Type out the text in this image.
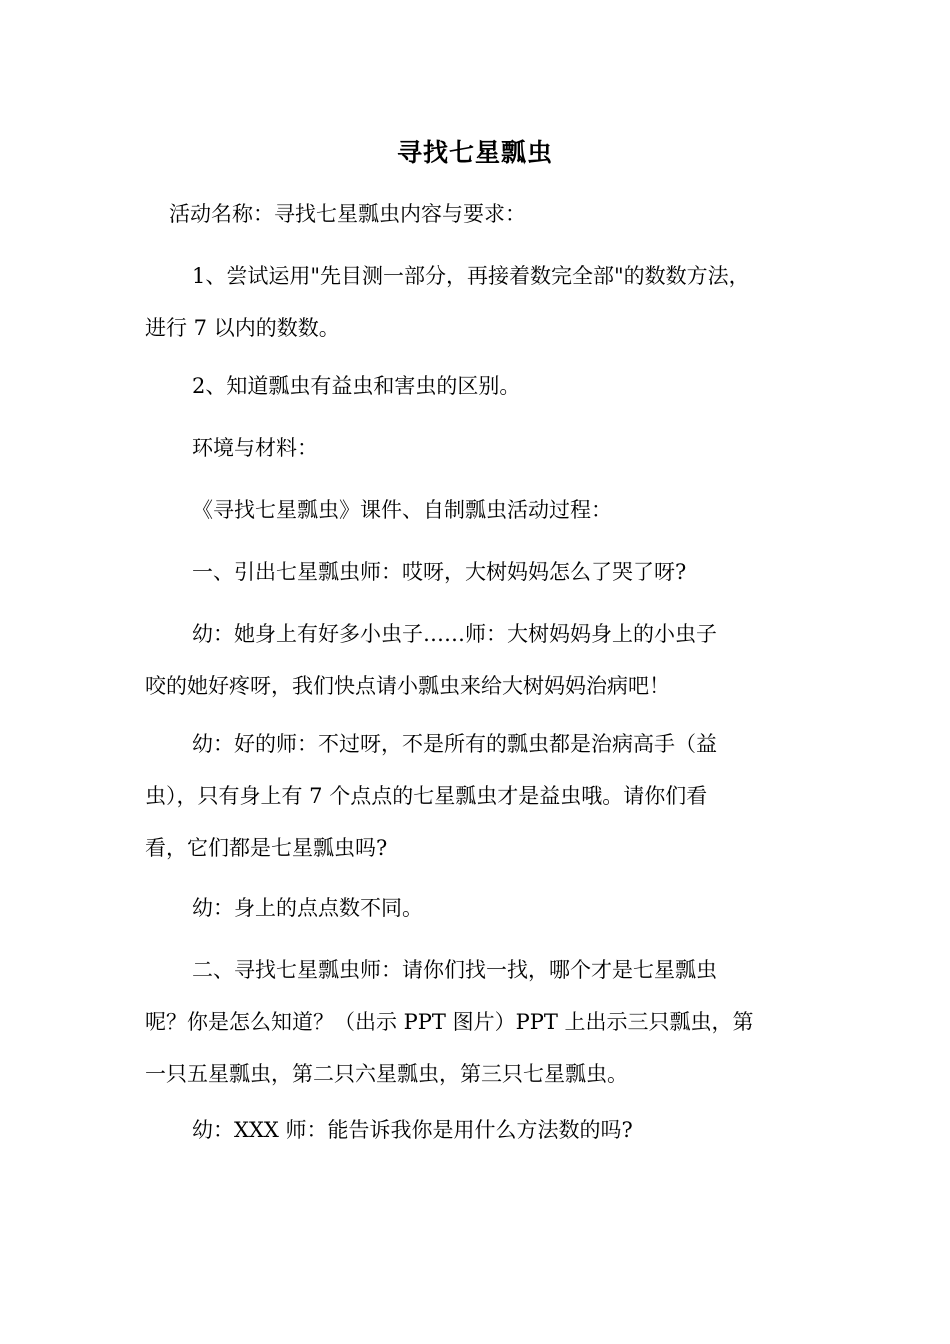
寻找七星瓢虫
活动名称：寻找七星瓢虫内容与要求：
1、尝试运用"先目测一部分，再接着数完全部"的数数方法，
进行 7 以内的数数。
2、知道瓢虫有益虫和害虫的区别。
环境与材料：
《寻找七星瓢虫》课件、自制瓢虫活动过程：
一、引出七星瓢虫师：哎呀，大树妈妈怎么了哭了呀?
幼：她身上有好多小虫子……师：大树妈妈身上的小虫子
咬的她好疼呀，我们快点请小瓢虫来给大树妈妈治病吧！
幼：好的师：不过呀，不是所有的瓢虫都是治病高手（益
虫），只有身上有 7 个点点的七星瓢虫才是益虫哦。请你们看
看，它们都是七星瓢虫吗?
幼：身上的点点数不同。
二、寻找七星瓢虫师：请你们找一找，哪个才是七星瓢虫
呢？你是怎么知道？（出示 PPT 图片）PPT 上出示三只瓢虫，第
一只五星瓢虫，第二只六星瓢虫，第三只七星瓢虫。
幼：XXX 师：能告诉我你是用什么方法数的吗?
